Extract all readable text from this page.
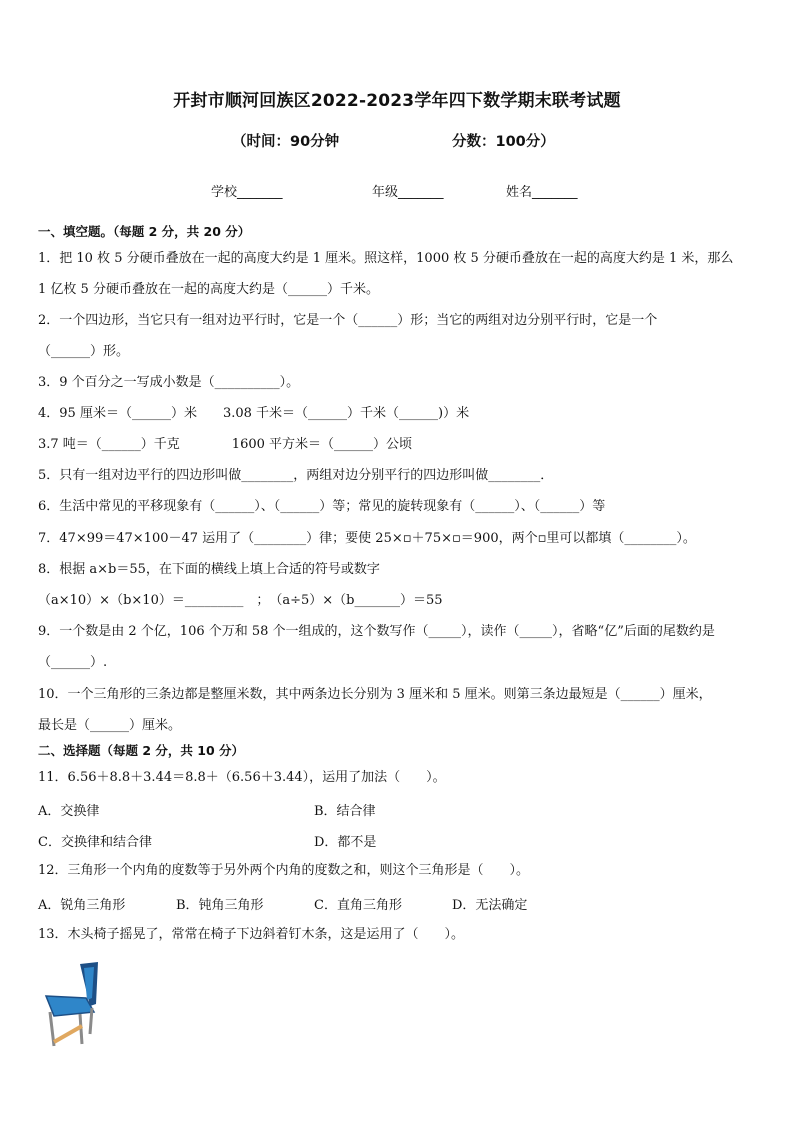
开封市顺河回族区2022-2023学年四下数学期末联考试题
（时间：90分钟	分数：100分）
学校_______	年级_______	姓名_______
一、填空题。（每题 2 分，共 20 分）
1．把 10 枚 5 分硬币叠放在一起的高度大约是 1 厘米。照这样，1000 枚 5 分硬币叠放在一起的高度大约是 1 米，那么
1 亿枚 5 分硬币叠放在一起的高度大约是（______）千米。
2．一个四边形，当它只有一组对边平行时，它是一个（______）形；当它的两组对边分别平行时，它是一个
（______）形。
3．9 个百分之一写成小数是（__________）。
4．95 厘米＝（______）米　　3.08 千米＝（______）千米（______)）米
3.7 吨＝（______）千克　　　　1600 平方米＝（______）公顷
5．只有一组对边平行的四边形叫做________，两组对边分别平行的四边形叫做________．
6．生活中常见的平移现象有（______）、（______）等；常见的旋转现象有（______）、（______）等
7．47×99＝47×100－47 运用了（________）律；要使 25×▫＋75×▫＝900，两个▫里可以都填（________）。
8．根据 a×b＝55，在下面的横线上填上合适的符号或数字
（a×10）×（b×10）＝_________　；　（a÷5）×（b_______）＝55
9．一个数是由 2 个亿，106 个万和 58 个一组成的，这个数写作（_____），读作（_____），省略“亿”后面的尾数约是
（______）.
10．一个三角形的三条边都是整厘米数，其中两条边长分别为 3 厘米和 5 厘米。则第三条边最短是（______）厘米，
最长是（______）厘米。
二、选择题（每题 2 分，共 10 分）
11．6.56＋8.8＋3.44＝8.8＋（6.56＋3.44），运用了加法（　　）。
A．交换律	B．结合律
C．交换律和结合律	D．都不是
12．三角形一个内角的度数等于另外两个内角的度数之和，则这个三角形是（　　）。
A．锐角三角形	B．钝角三角形	C．直角三角形	D．无法确定
13．木头椅子摇晃了，常常在椅子下边斜着钉木条，这是运用了（　　）。
